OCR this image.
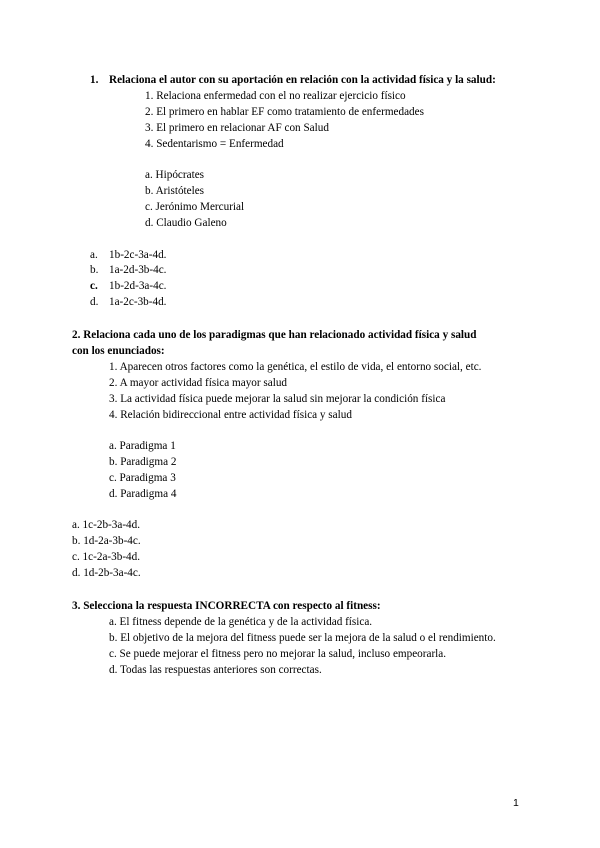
1. Relaciona el autor con su aportación en relación con la actividad física y la salud:
1. Relaciona enfermedad con el no realizar ejercicio físico
2. El primero en hablar EF como tratamiento de enfermedades
3. El primero en relacionar AF con Salud
4. Sedentarismo = Enfermedad
a. Hipócrates
b. Aristóteles
c. Jerónimo Mercurial
d. Claudio Galeno
a. 1b-2c-3a-4d.
b. 1a-2d-3b-4c.
c. 1b-2d-3a-4c.
d. 1a-2c-3b-4d.
2. Relaciona cada uno de los paradigmas que han relacionado actividad física y salud
con los enunciados:
1. Aparecen otros factores como la genética, el estilo de vida, el entorno social, etc.
2. A mayor actividad física mayor salud
3. La actividad física puede mejorar la salud sin mejorar la condición física
4. Relación bidireccional entre actividad física y salud
a. Paradigma 1
b. Paradigma 2
c. Paradigma 3
d. Paradigma 4
a. 1c-2b-3a-4d.
b. 1d-2a-3b-4c.
c. 1c-2a-3b-4d.
d. 1d-2b-3a-4c.
3. Selecciona la respuesta INCORRECTA con respecto al fitness:
a. El fitness depende de la genética y de la actividad física.
b. El objetivo de la mejora del fitness puede ser la mejora de la salud o el rendimiento.
c. Se puede mejorar el fitness pero no mejorar la salud, incluso empeorarla.
d. Todas las respuestas anteriores son correctas.
1
